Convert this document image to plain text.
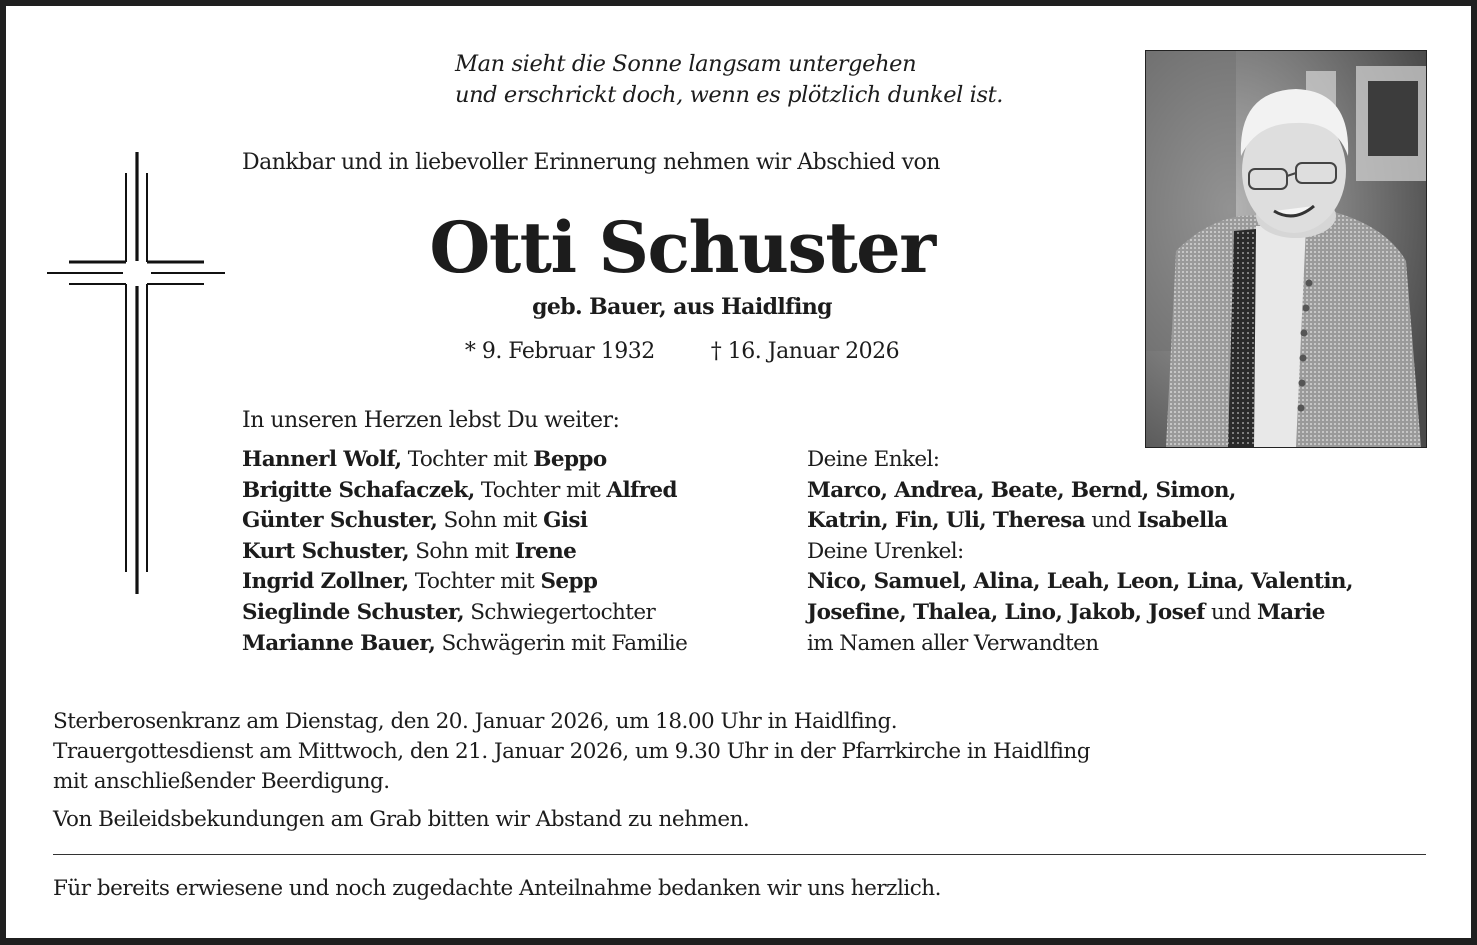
Man sieht die Sonne langsam untergehen
und erschrickt doch, wenn es plötzlich dunkel ist.
Dankbar und in liebevoller Erinnerung nehmen wir Abschied von
Otti Schuster
geb. Bauer, aus Haidlfing
* 9. Februar 1932	† 16. Januar 2026
In unseren Herzen lebst Du weiter:
Hannerl Wolf, Tochter mit Beppo
Brigitte Schafaczek, Tochter mit Alfred
Günter Schuster, Sohn mit Gisi
Kurt Schuster, Sohn mit Irene
Ingrid Zollner, Tochter mit Sepp
Sieglinde Schuster, Schwiegertochter
Marianne Bauer, Schwägerin mit Familie
Deine Enkel:
Marco, Andrea, Beate, Bernd, Simon,
Katrin, Fin, Uli, Theresa und Isabella
Deine Urenkel:
Nico, Samuel, Alina, Leah, Leon, Lina, Valentin,
Josefine, Thalea, Lino, Jakob, Josef und Marie
im Namen aller Verwandten
Sterberosenkranz am Dienstag, den 20. Januar 2026, um 18.00 Uhr in Haidlfing.
Trauergottesdienst am Mittwoch, den 21. Januar 2026, um 9.30 Uhr in der Pfarrkirche in Haidlfing
mit anschließender Beerdigung.
Von Beileidsbekundungen am Grab bitten wir Abstand zu nehmen.
Für bereits erwiesene und noch zugedachte Anteilnahme bedanken wir uns herzlich.
